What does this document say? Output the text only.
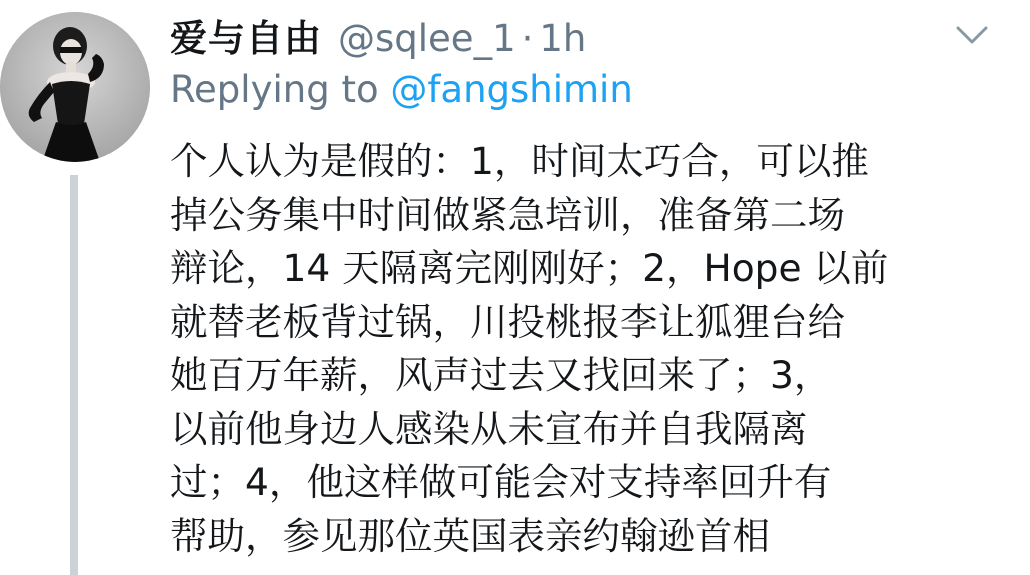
爱与自由 @sqlee_1 · 1h
Replying to @fangshimin
个人认为是假的：1，时间太巧合，可以推
掉公务集中时间做紧急培训，准备第二场
辩论，14 天隔离完刚刚好；2，Hope 以前
就替老板背过锅，川投桃报李让狐狸台给
她百万年薪，风声过去又找回来了；3，
以前他身边人感染从未宣布并自我隔离
过；4，他这样做可能会对支持率回升有
帮助，参见那位英国表亲约翰逊首相
